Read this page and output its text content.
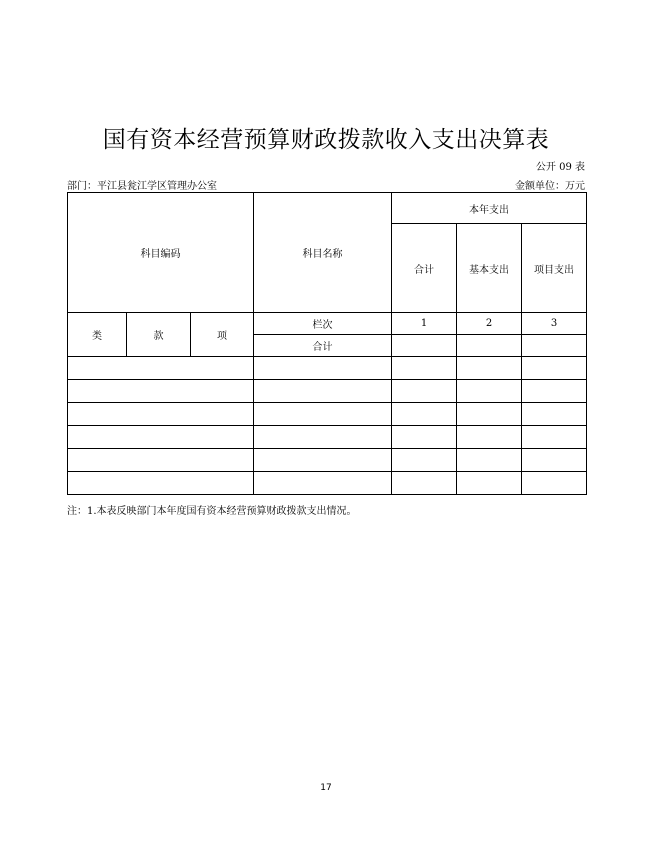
国有资本经营预算财政拨款收入支出决算表
公开 09 表
部门：平江县瓮江学区管理办公室	金额单位：万元
科目编码			科目名称	本年支出		
				合计	基本支出	项目支出
类	款	项	栏次	1	2	3
			合计			

注：1.本表反映部门本年度国有资本经营预算财政拨款支出情况。
17
